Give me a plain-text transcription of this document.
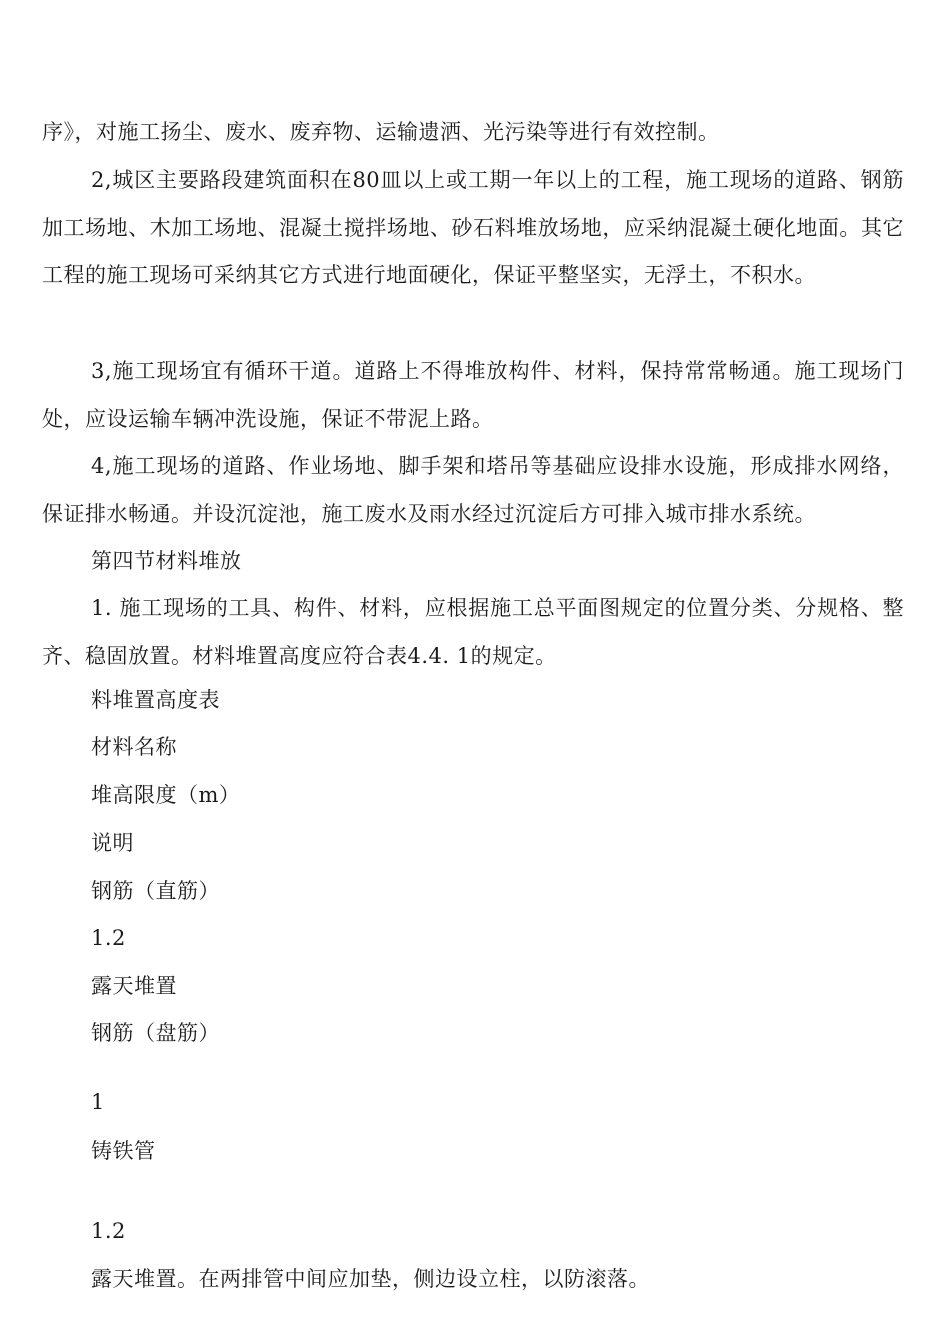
序》，对施工扬尘、废水、废弃物、运输遗洒、光污染等进行有效控制。

2,城区主要路段建筑面积在80皿以上或工期一年以上的工程，施工现场的道路、钢筋加工场地、木加工场地、混凝土搅拌场地、砂石料堆放场地，应采纳混凝土硬化地面。其它工程的施工现场可采纳其它方式进行地面硬化，保证平整坚实，无浮土，不积水。

3,施工现场宜有循环干道。道路上不得堆放构件、材料，保持常常畅通。施工现场门处，应设运输车辆冲洗设施，保证不带泥上路。

4,施工现场的道路、作业场地、脚手架和塔吊等基础应设排水设施，形成排水网络，保证排水畅通。并设沉淀池，施工废水及雨水经过沉淀后方可排入城市排水系统。

第四节材料堆放

1. 施工现场的工具、构件、材料，应根据施工总平面图规定的位置分类、分规格、整齐、稳固放置。材料堆置高度应符合表4.4. 1的规定。

料堆置高度表

材料名称

堆高限度（m）

说明

钢筋（直筋）

1.2

露天堆置

钢筋（盘筋）

1

铸铁管

1.2

露天堆置。在两排管中间应加垫，侧边设立柱，以防滚落。
